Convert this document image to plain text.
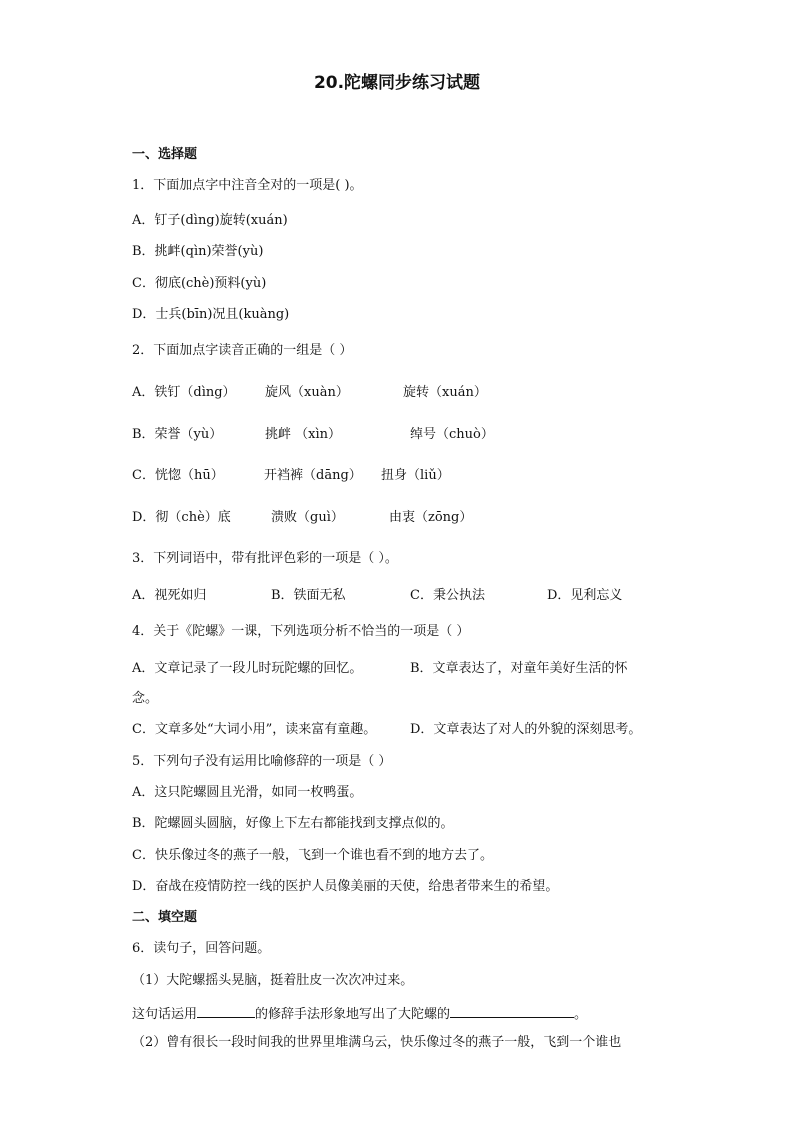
20.陀螺同步练习试题
一、选择题
1．下面加点字中注音全对的一项是( )。
A．钉子(dìng)旋转(xuán)
B．挑衅(qìn)荣誉(yù)
C．彻底(chè)预料(yù)
D．士兵(bīn)况且(kuàng)
2．下面加点字读音正确的一组是（ ）
A．铁钉（dìng） 旋风（xuàn）	旋转（xuán）
B．荣誉（yù）	挑衅 （xìn）	绰号（chuò）
C．恍惚（hū）	开裆裤（dāng） 扭身（liǔ）
D．彻（chè）底	溃败（guì）	由衷（zōng）
3．下列词语中，带有批评色彩的一项是（ ）。
A．视死如归	B．铁面无私	C．秉公执法	D．见利忘义
4．关于《陀螺》一课，下列选项分析不恰当的一项是（ ）
A．文章记录了一段儿时玩陀螺的回忆。	B．文章表达了，对童年美好生活的怀
念。
C．文章多处“大词小用”，读来富有童趣。	D．文章表达了对人的外貌的深刻思考。
5．下列句子没有运用比喻修辞的一项是（ ）
A．这只陀螺圆且光滑，如同一枚鸭蛋。
B．陀螺圆头圆脑，好像上下左右都能找到支撑点似的。
C．快乐像过冬的燕子一般，飞到一个谁也看不到的地方去了。
D．奋战在疫情防控一线的医护人员像美丽的天使，给患者带来生的希望。
二、填空题
6．读句子，回答问题。
（1）大陀螺摇头晃脑，挺着肚皮一次次冲过来。
这句话运用	的修辞手法形象地写出了大陀螺的	。
（2）曾有很长一段时间我的世界里堆满乌云，快乐像过冬的燕子一般，飞到一个谁也
